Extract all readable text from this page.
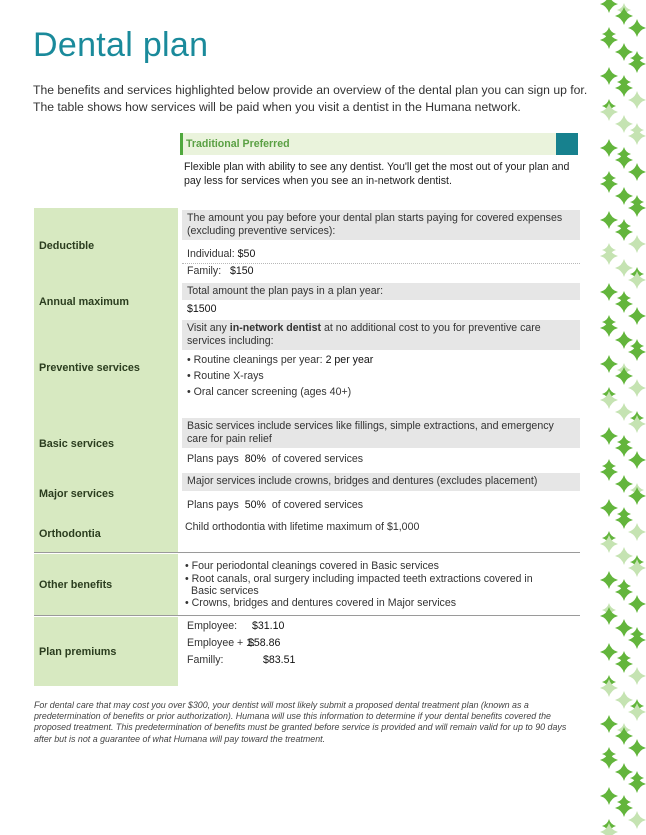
Dental plan

The benefits and services highlighted below provide an overview of the dental plan you can sign up for. The table shows how services will be paid when you visit a dentist in the Humana network.

Traditional Preferred

Flexible plan with ability to see any dentist. You'll get the most out of your plan and pay less for services when you see an in-network dentist.

Deductible
The amount you pay before your dental plan starts paying for covered expenses (excluding preventive services):
Individual: $50
Family: $150
Annual maximum
Total amount the plan pays in a plan year:
$1500
Preventive services
Visit any in-network dentist at no additional cost to you for preventive care services including:
• Routine cleanings per year: 2 per year
• Routine X-rays
• Oral cancer screening (ages 40+)
Basic services
Basic services include services like fillings, simple extractions, and emergency care for pain relief
Plans pays 80% of covered services
Major services
Major services include crowns, bridges and dentures (excludes placement)
Plans pays 50% of covered services
Orthodontia
Child orthodontia with lifetime maximum of $1,000
Other benefits
• Four periodontal cleanings covered in Basic services
• Root canals, oral surgery including impacted teeth extractions covered in
Basic services
• Crowns, bridges and dentures covered in Major services
Plan premiums
Employee: $31.10
Employee + 1: $58.86
Familly:	$83.51

For dental care that may cost you over $300, your dentist will most likely submit a proposed dental treatment plan (known as a predetermination of benefits or prior authorization). Humana will use this information to determine if your dental benefits covered the proposed treatment. This predetermination of benefits must be granted before service is provided and will remain valid for up to 90 days after but is not a guarantee of what Humana will pay toward the treatment.
